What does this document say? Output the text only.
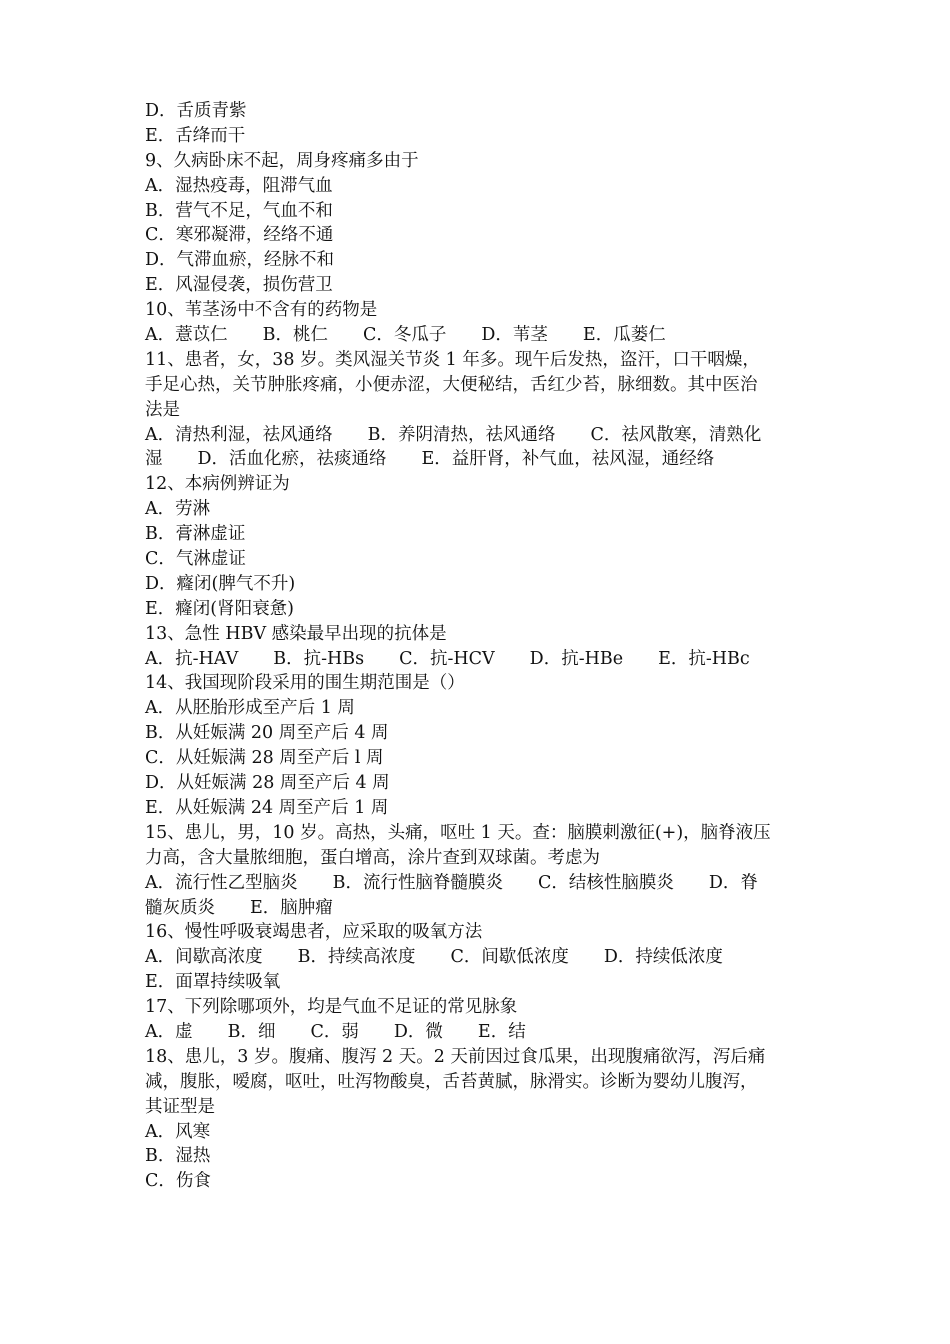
D．舌质青紫
E．舌绛而干
9、久病卧床不起，周身疼痛多由于
A．湿热疫毒，阻滞气血
B．营气不足，气血不和
C．寒邪凝滞，经络不通
D．气滞血瘀，经脉不和
E．风湿侵袭，损伤营卫
10、苇茎汤中不含有的药物是
A．薏苡仁　　B．桃仁　　C．冬瓜子　　D．苇茎　　E．瓜蒌仁
11、患者，女，38 岁。类风湿关节炎 1 年多。现午后发热，盗汗，口干咽燥，
手足心热，关节肿胀疼痛，小便赤涩，大便秘结，舌红少苔，脉细数。其中医治
法是
A．清热利湿，祛风通络　　B．养阴清热，祛风通络　　C．祛风散寒，清熟化
湿　　D．活血化瘀，祛痰通络　　E．益肝肾，补气血，祛风湿，通经络
12、本病例辨证为
A．劳淋
B．膏淋虚证
C．气淋虚证
D．癃闭(脾气不升)
E．癃闭(肾阳衰惫)
13、急性 HBV 感染最早出现的抗体是
A．抗-HAV　　B．抗-HBs　　C．抗-HCV　　D．抗-HBe　　E．抗-HBc
14、我国现阶段采用的围生期范围是（）
A．从胚胎形成至产后 1 周
B．从妊娠满 20 周至产后 4 周
C．从妊娠满 28 周至产后 l 周
D．从妊娠满 28 周至产后 4 周
E．从妊娠满 24 周至产后 1 周
15、患儿，男，10 岁。高热，头痛，呕吐 1 天。查：脑膜刺激征(+)，脑脊液压
力高，含大量脓细胞，蛋白增高，涂片查到双球菌。考虑为
A．流行性乙型脑炎　　B．流行性脑脊髓膜炎　　C．结核性脑膜炎　　D．脊
髓灰质炎　　E．脑肿瘤
16、慢性呼吸衰竭患者，应采取的吸氧方法
A．间歇高浓度　　B．持续高浓度　　C．间歇低浓度　　D．持续低浓度
E．面罩持续吸氧
17、下列除哪项外，均是气血不足证的常见脉象
A．虚　　B．细　　C．弱　　D．微　　E．结
18、患儿，3 岁。腹痛、腹泻 2 天。2 天前因过食瓜果，出现腹痛欲泻，泻后痛
减，腹胀，嗳腐，呕吐，吐泻物酸臭，舌苔黄腻，脉滑实。诊断为婴幼儿腹泻，
其证型是
A．风寒
B．湿热
C．伤食
